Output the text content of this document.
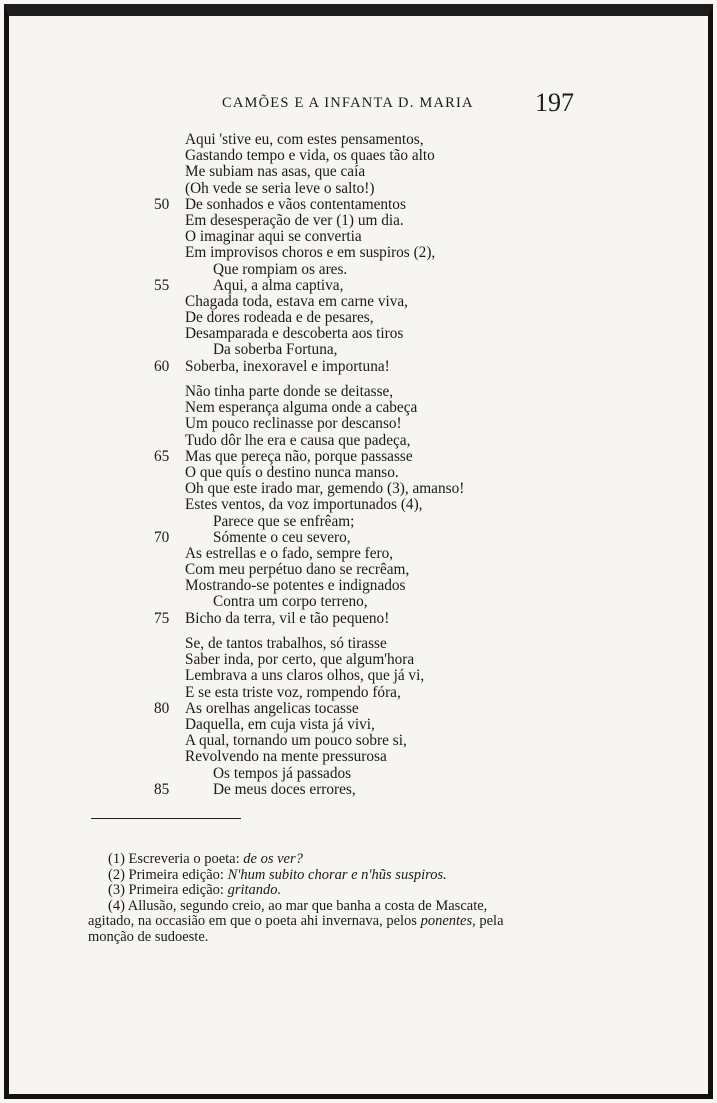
CAMÕES E A INFANTA D. MARIA	197
Aqui 'stive eu, com estes pensamentos,
Gastando tempo e vida, os quaes tão alto
Me subiam nas asas, que caía
(Oh vede se seria leve o salto!)
50	De sonhados e vãos contentamentos
Em desesperação de ver (1) um dia.
O imaginar aqui se convertia
Em improvisos choros e em suspiros (2),
Que rompiam os ares.
55	Aqui, a alma captiva,
Chagada toda, estava em carne viva,
De dores rodeada e de pesares,
Desamparada e descoberta aos tiros
Da soberba Fortuna,
60	Soberba, inexoravel e importuna!
Não tinha parte donde se deitasse,
Nem esperança alguma onde a cabeça
Um pouco reclinasse por descanso!
Tudo dôr lhe era e causa que padeça,
65	Mas que pereça não, porque passasse
O que quís o destino nunca manso.
Oh que este irado mar, gemendo (3), amanso!
Estes ventos, da voz importunados (4),
Parece que se enfrêam;
70	Sómente o ceu severo,
As estrellas e o fado, sempre fero,
Com meu perpétuo dano se recrêam,
Mostrando-se potentes e indignados
Contra um corpo terreno,
75	Bicho da terra, vil e tão pequeno!
Se, de tantos trabalhos, só tirasse
Saber inda, por certo, que algum'hora
Lembrava a uns claros olhos, que já vi,
E se esta triste voz, rompendo fóra,
80	As orelhas angelicas tocasse
Daquella, em cuja vista já vivi,
A qual, tornando um pouco sobre si,
Revolvendo na mente pressurosa
Os tempos já passados
85	De meus doces errores,
(1) Escreveria o poeta: de os ver?
(2) Primeira edição: N'hum subito chorar e n'hũs suspiros.
(3) Primeira edição: gritando.
(4) Allusão, segundo creio, ao mar que banha a costa de Mascate,
agitado, na occasião em que o poeta ahi invernava, pelos ponentes, pela
monção de sudoeste.
